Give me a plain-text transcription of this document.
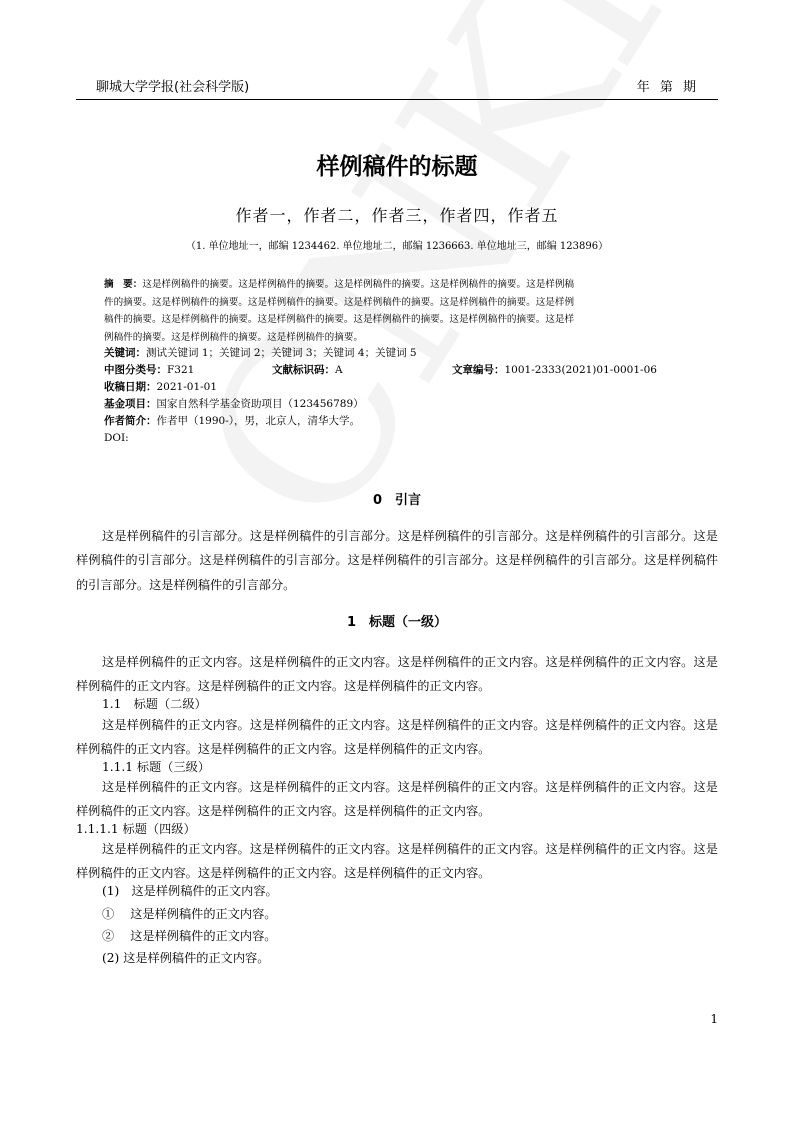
聊城大学学报(社会科学版)	年 第 期
样例稿件的标题
作者一，作者二，作者三，作者四，作者五
（1. 单位地址一，邮编 1234462. 单位地址二，邮编 1236663. 单位地址三，邮编 123896）
摘　要：这是样例稿件的摘要。这是样例稿件的摘要。这是样例稿件的摘要。这是样例稿件的摘要。这是样例稿
件的摘要。这是样例稿件的摘要。这是样例稿件的摘要。这是样例稿件的摘要。这是样例稿件的摘要。这是样例
稿件的摘要。这是样例稿件的摘要。这是样例稿件的摘要。这是样例稿件的摘要。这是样例稿件的摘要。这是样
例稿件的摘要。这是样例稿件的摘要。这是样例稿件的摘要。
关键词：测试关键词 1；关键词 2；关键词 3；关键词 4；关键词 5
中图分类号：F321	文献标识码：A	文章编号：1001-2333(2021)01-0001-06
收稿日期：2021-01-01
基金项目：国家自然科学基金资助项目（123456789）
作者简介：作者甲（1990-），男，北京人，清华大学。
DOI:
0　引言
这是样例稿件的引言部分。这是样例稿件的引言部分。这是样例稿件的引言部分。这是样例稿件的引言部分。这是样例稿件的引言部分。这是样例稿件的引言部分。这是样例稿件的引言部分。这是样例稿件的引言部分。这是样例稿件的引言部分。这是样例稿件的引言部分。
1　标题（一级）
这是样例稿件的正文内容。这是样例稿件的正文内容。这是样例稿件的正文内容。这是样例稿件的正文内容。这是样例稿件的正文内容。这是样例稿件的正文内容。这是样例稿件的正文内容。
1.1　标题（二级）
这是样例稿件的正文内容。这是样例稿件的正文内容。这是样例稿件的正文内容。这是样例稿件的正文内容。这是样例稿件的正文内容。这是样例稿件的正文内容。这是样例稿件的正文内容。
1.1.1 标题（三级）
这是样例稿件的正文内容。这是样例稿件的正文内容。这是样例稿件的正文内容。这是样例稿件的正文内容。这是样例稿件的正文内容。这是样例稿件的正文内容。这是样例稿件的正文内容。
1.1.1.1 标题（四级）
这是样例稿件的正文内容。这是样例稿件的正文内容。这是样例稿件的正文内容。这是样例稿件的正文内容。这是样例稿件的正文内容。这是样例稿件的正文内容。这是样例稿件的正文内容。
(1)　这是样例稿件的正文内容。
①　 这是样例稿件的正文内容。
②　 这是样例稿件的正文内容。
(2) 这是样例稿件的正文内容。
1
